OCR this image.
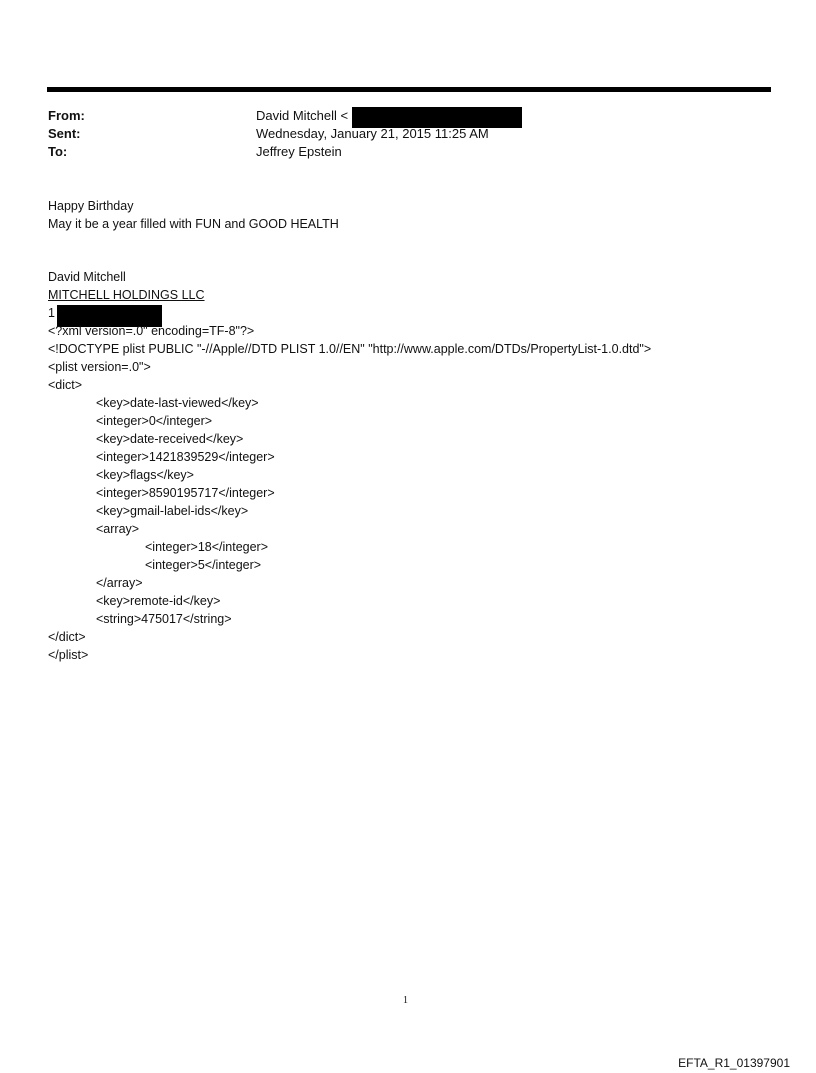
From:	David Mitchell <
Sent:	Wednesday, January 21, 2015 11:25 AM
To:	Jeffrey Epstein
Happy Birthday
May it be a year filled with FUN and GOOD HEALTH
David Mitchell
MITCHELL HOLDINGS LLC
1
<?xml version=.0" encoding=TF-8"?>
<!DOCTYPE plist PUBLIC "-//Apple//DTD PLIST 1.0//EN" "http://www.apple.com/DTDs/PropertyList-1.0.dtd">
<plist version=.0">
<dict>
<key>date-last-viewed</key>
<integer>0</integer>
<key>date-received</key>
<integer>1421839529</integer>
<key>flags</key>
<integer>8590195717</integer>
<key>gmail-label-ids</key>
<array>
<integer>18</integer>
<integer>5</integer>
</array>
<key>remote-id</key>
<string>475017</string>
</dict>
</plist>
1
EFTA_R1_01397901
